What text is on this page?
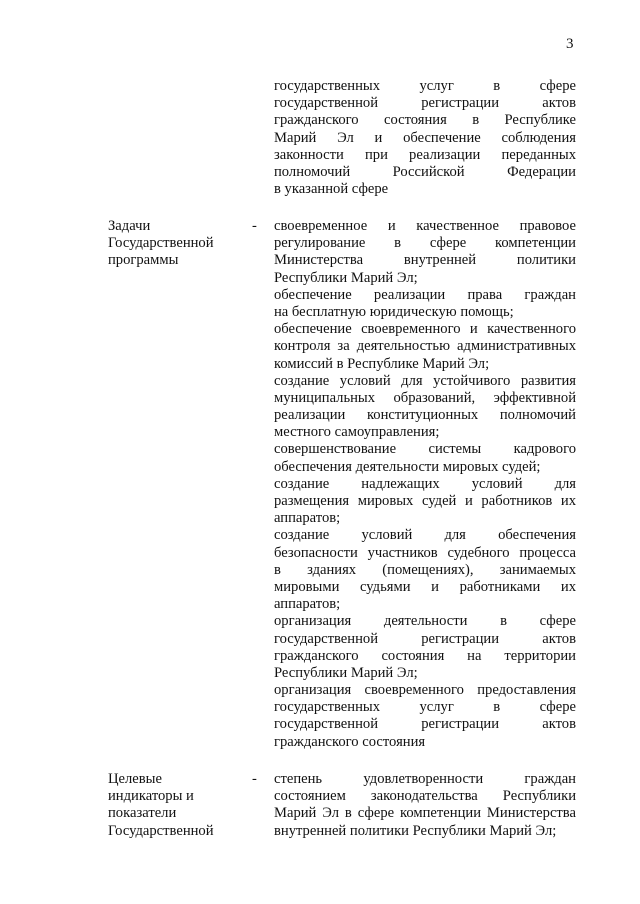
3
государственных услуг в сфере
государственной регистрации актов
гражданского состояния в Республике
Марий Эл и обеспечение соблюдения
законности при реализации переданных
полномочий Российской Федерации
в указанной сфере
Задачи
Государственной
программы
- своевременное и качественное правовое
регулирование в сфере компетенции
Министерства внутренней политики
Республики Марий Эл;
обеспечение реализации права граждан
на бесплатную юридическую помощь;
обеспечение своевременного и качественного
контроля за деятельностью административных
комиссий в Республике Марий Эл;
создание условий для устойчивого развития
муниципальных образований, эффективной
реализации конституционных полномочий
местного самоуправления;
совершенствование системы кадрового
обеспечения деятельности мировых судей;
создание надлежащих условий для
размещения мировых судей и работников их
аппаратов;
создание условий для обеспечения
безопасности участников судебного процесса
в зданиях (помещениях), занимаемых
мировыми судьями и работниками их
аппаратов;
организация деятельности в сфере
государственной регистрации актов
гражданского состояния на территории
Республики Марий Эл;
организация своевременного предоставления
государственных услуг в сфере
государственной регистрации актов
гражданского состояния
Целевые
индикаторы и
показатели
Государственной
- степень удовлетворенности граждан
состоянием законодательства Республики
Марий Эл в сфере компетенции Министерства
внутренней политики Республики Марий Эл;
